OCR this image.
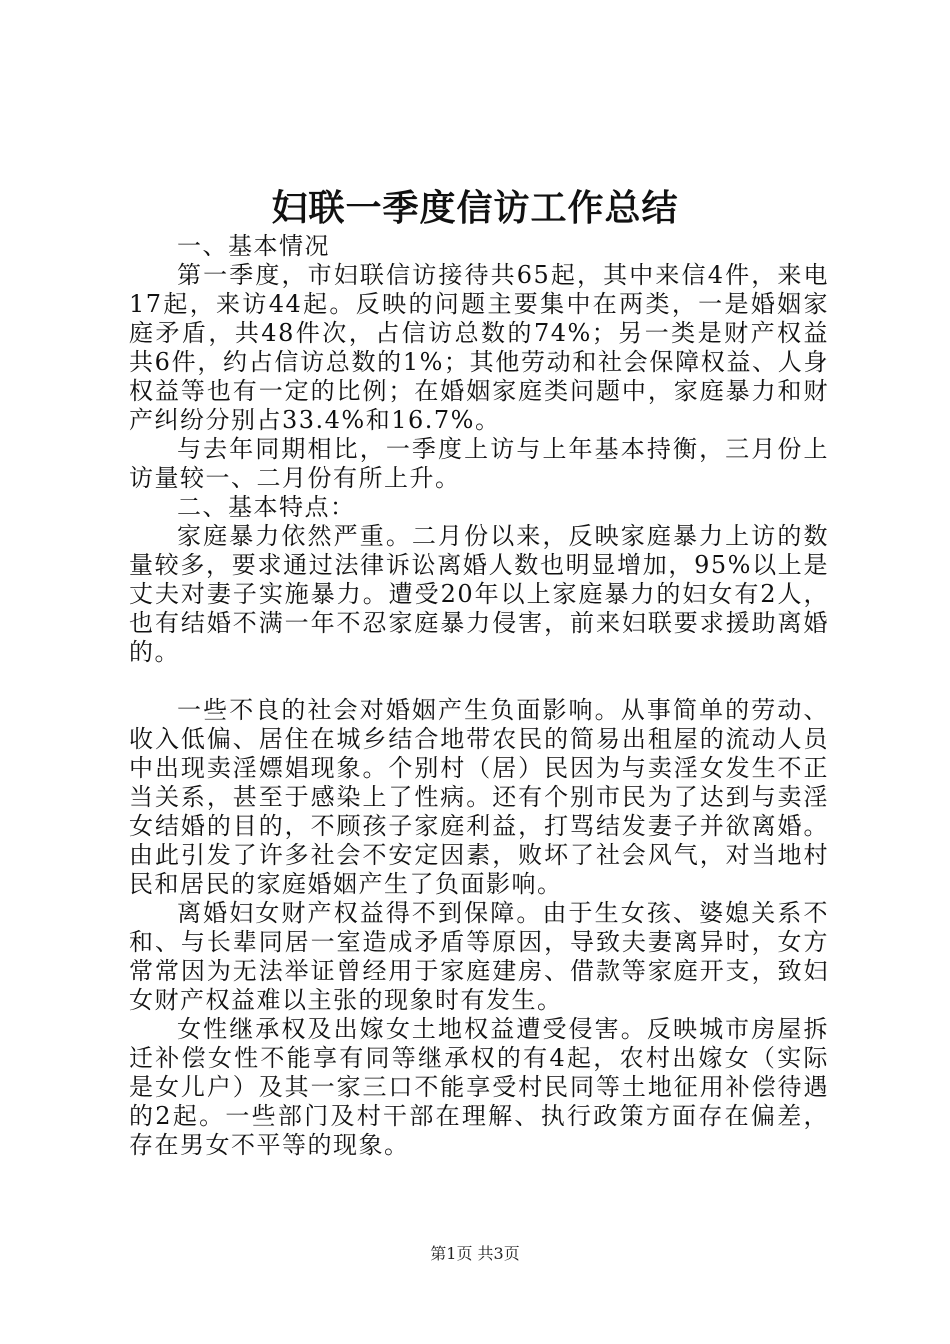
妇联一季度信访工作总结

一、基本情况

第一季度，市妇联信访接待共65起，其中来信4件，来电17起，来访44起。反映的问题主要集中在两类，一是婚姻家庭矛盾，共48件次，占信访总数的74%；另一类是财产权益共6件，约占信访总数的1%；其他劳动和社会保障权益、人身权益等也有一定的比例；在婚姻家庭类问题中，家庭暴力和财产纠纷分别占33.4%和16.7%。

与去年同期相比，一季度上访与上年基本持衡，三月份上访量较一、二月份有所上升。

二、基本特点：

家庭暴力依然严重。二月份以来，反映家庭暴力上访的数量较多，要求通过法律诉讼离婚人数也明显增加，95%以上是丈夫对妻子实施暴力。遭受20年以上家庭暴力的妇女有2人，也有结婚不满一年不忍家庭暴力侵害，前来妇联要求援助离婚的。

一些不良的社会对婚姻产生负面影响。从事简单的劳动、收入低偏、居住在城乡结合地带农民的简易出租屋的流动人员中出现卖淫嫖娼现象。个别村（居）民因为与卖淫女发生不正当关系，甚至于感染上了性病。还有个别市民为了达到与卖淫女结婚的目的，不顾孩子家庭利益，打骂结发妻子并欲离婚。由此引发了许多社会不安定因素，败坏了社会风气，对当地村民和居民的家庭婚姻产生了负面影响。

离婚妇女财产权益得不到保障。由于生女孩、婆媳关系不和、与长辈同居一室造成矛盾等原因，导致夫妻离异时，女方常常因为无法举证曾经用于家庭建房、借款等家庭开支，致妇女财产权益难以主张的现象时有发生。

女性继承权及出嫁女土地权益遭受侵害。反映城市房屋拆迁补偿女性不能享有同等继承权的有4起，农村出嫁女（实际是女儿户）及其一家三口不能享受村民同等土地征用补偿待遇的2起。一些部门及村干部在理解、执行政策方面存在偏差，存在男女不平等的现象。

第1页 共3页
